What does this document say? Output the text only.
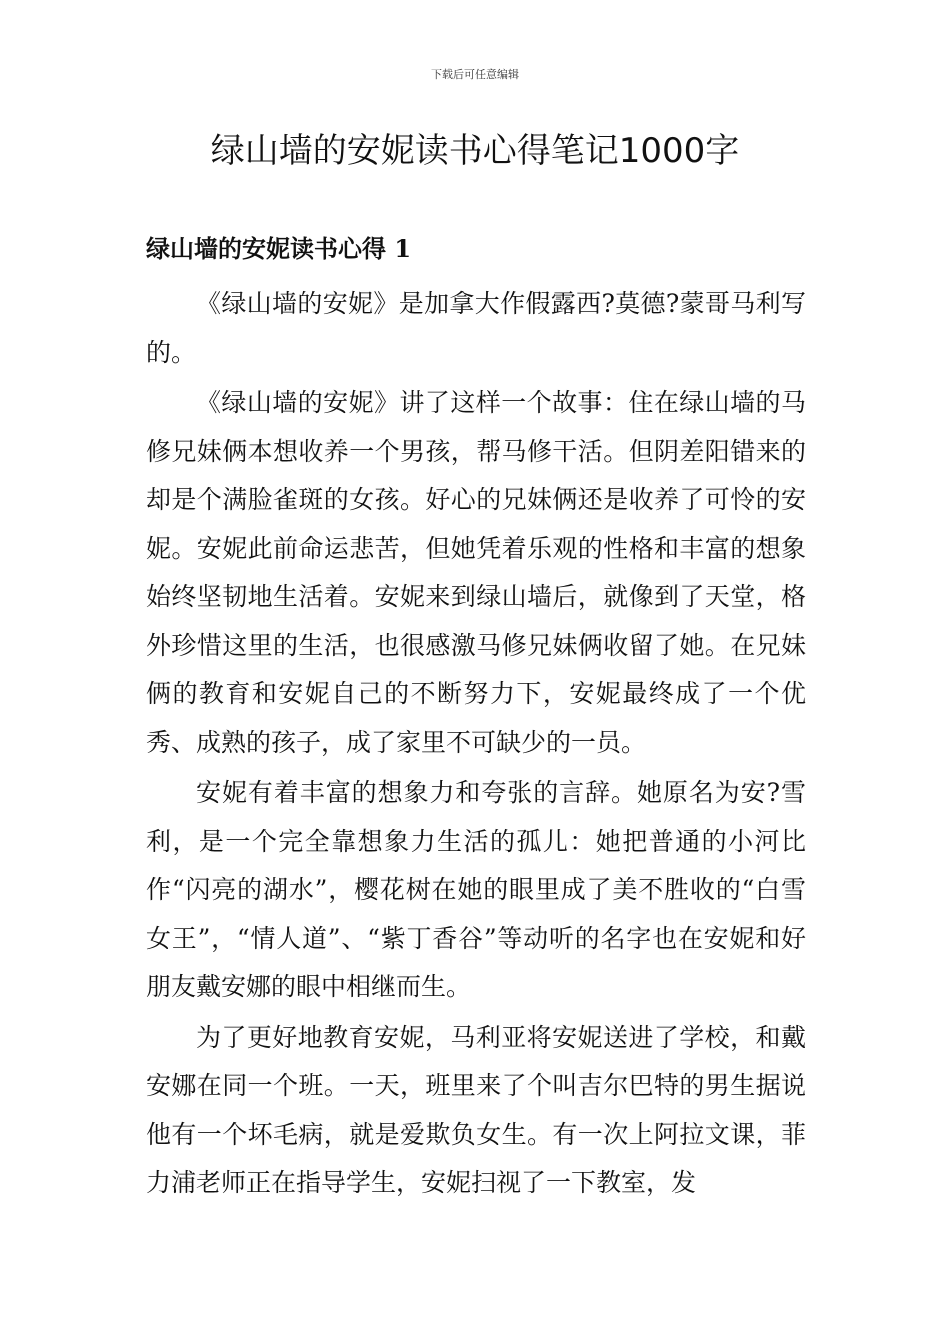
下载后可任意编辑
绿山墙的安妮读书心得笔记1000字
绿山墙的安妮读书心得 1

《绿山墙的安妮》是加拿大作假露西?莫德?蒙哥马利写的。

《绿山墙的安妮》讲了这样一个故事：住在绿山墙的马修兄妹俩本想收养一个男孩，帮马修干活。但阴差阳错来的却是个满脸雀斑的女孩。好心的兄妹俩还是收养了可怜的安妮。安妮此前命运悲苦，但她凭着乐观的性格和丰富的想象始终坚韧地生活着。安妮来到绿山墙后，就像到了天堂，格外珍惜这里的生活，也很感激马修兄妹俩收留了她。在兄妹俩的教育和安妮自己的不断努力下，安妮最终成了一个优秀、成熟的孩子，成了家里不可缺少的一员。

安妮有着丰富的想象力和夸张的言辞。她原名为安?雪利，是一个完全靠想象力生活的孤儿：她把普通的小河比作“闪亮的湖水”，樱花树在她的眼里成了美不胜收的“白雪女王”，“情人道”、“紫丁香谷”等动听的名字也在安妮和好朋友戴安娜的眼中相继而生。

为了更好地教育安妮，马利亚将安妮送进了学校，和戴安娜在同一个班。一天，班里来了个叫吉尔巴特的男生据说他有一个坏毛病，就是爱欺负女生。有一次上阿拉文课，菲力浦老师正在指导学生，安妮扫视了一下教室，发
